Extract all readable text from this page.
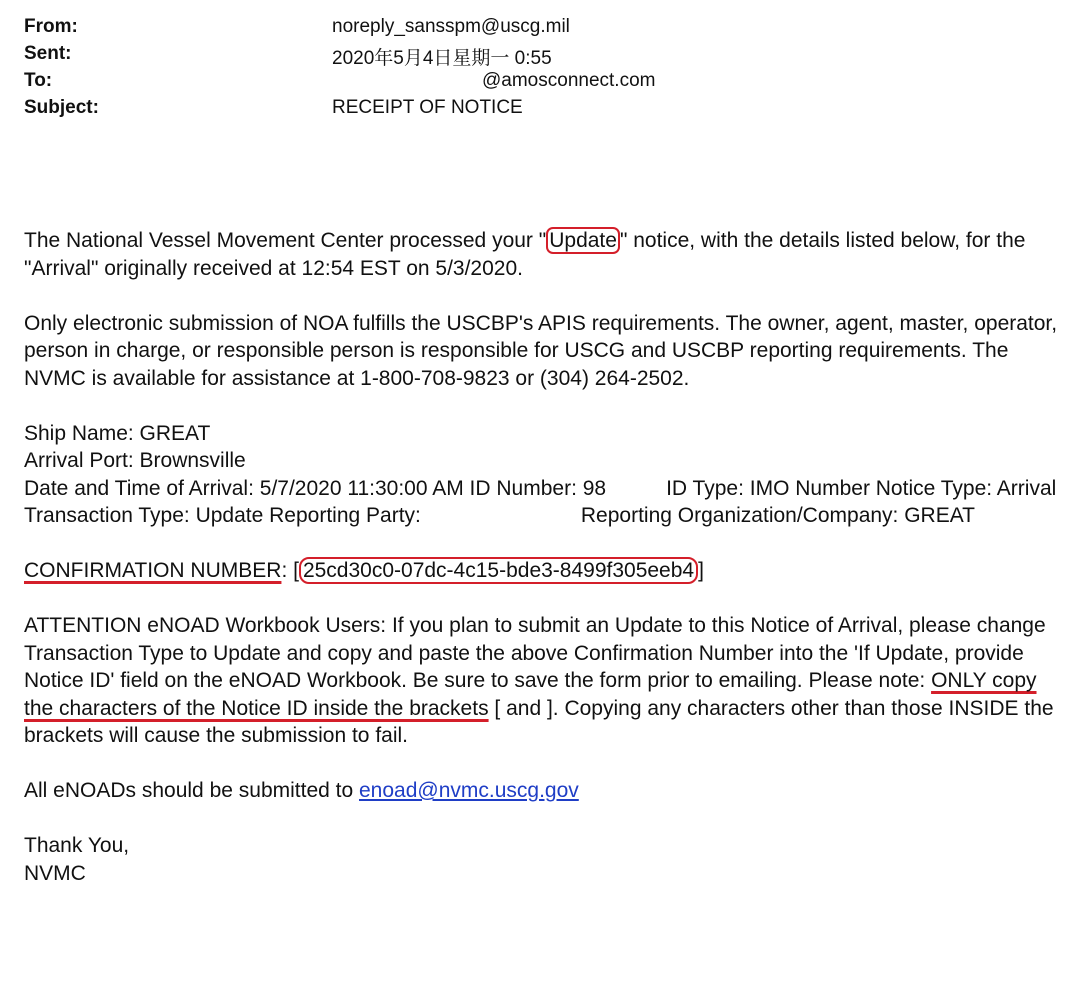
From:	noreply_sansspm@uscg.mil
Sent:	2020年5月4日星期一 0:55
To:	@amosconnect.com
Subject:	RECEIPT OF NOTICE

The National Vessel Movement Center processed your " Update " notice, with the details listed below, for the "Arrival" originally received at 12:54 EST on 5/3/2020.

Only electronic submission of NOA fulfills the USCBP's APIS requirements. The owner, agent, master, operator, person in charge, or responsible person is responsible for USCG and USCBP reporting requirements. The NVMC is available for assistance at 1-800-708-9823 or (304) 264-2502.

Ship Name: GREAT
Arrival Port: Brownsville
Date and Time of Arrival: 5/7/2020 11:30:00 AM ID Number: 98	ID Type: IMO Number Notice Type: Arrival Transaction Type: Update Reporting Party:	Reporting Organization/Company: GREAT

CONFIRMATION NUMBER: [ 25cd30c0-07dc-4c15-bde3-8499f305eeb4 ]

ATTENTION eNOAD Workbook Users: If you plan to submit an Update to this Notice of Arrival, please change Transaction Type to Update and copy and paste the above Confirmation Number into the 'If Update, provide Notice ID' field on the eNOAD Workbook. Be sure to save the form prior to emailing. Please note: ONLY copy the characters of the Notice ID inside the brackets [ and ]. Copying any characters other than those INSIDE the brackets will cause the submission to fail.

All eNOADs should be submitted to enoad@nvmc.uscg.gov

Thank You,
NVMC
